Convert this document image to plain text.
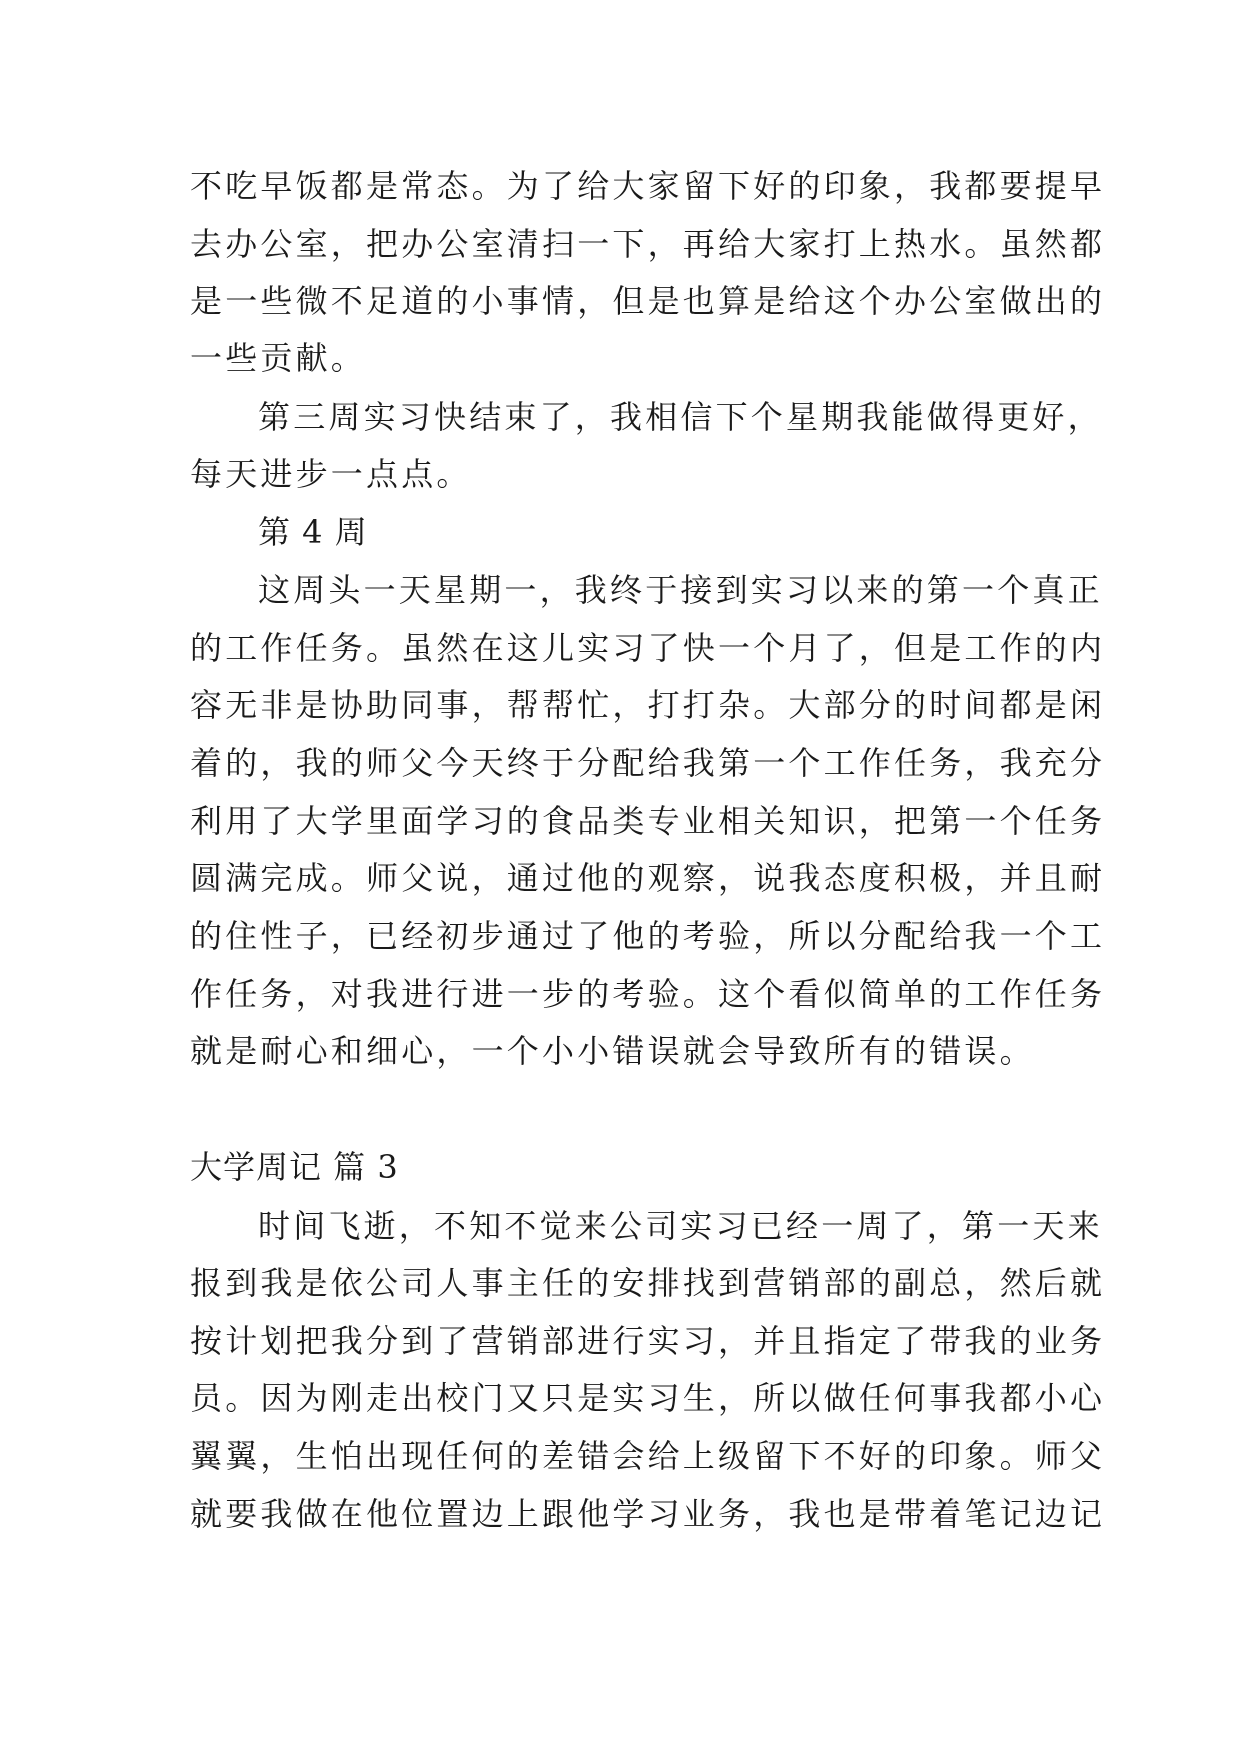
不吃早饭都是常态。为了给大家留下好的印象，我都要提早
去办公室，把办公室清扫一下，再给大家打上热水。虽然都
是一些微不足道的小事情，但是也算是给这个办公室做出的
一些贡献。
第三周实习快结束了，我相信下个星期我能做得更好，
每天进步一点点。
第 4 周
这周头一天星期一，我终于接到实习以来的第一个真正
的工作任务。虽然在这儿实习了快一个月了，但是工作的内
容无非是协助同事，帮帮忙，打打杂。大部分的时间都是闲
着的，我的师父今天终于分配给我第一个工作任务，我充分
利用了大学里面学习的食品类专业相关知识，把第一个任务
圆满完成。师父说，通过他的观察，说我态度积极，并且耐
的住性子，已经初步通过了他的考验，所以分配给我一个工
作任务，对我进行进一步的考验。这个看似简单的工作任务
就是耐心和细心，一个小小错误就会导致所有的错误。
大学周记 篇 3
时间飞逝，不知不觉来公司实习已经一周了，第一天来
报到我是依公司人事主任的安排找到营销部的副总，然后就
按计划把我分到了营销部进行实习，并且指定了带我的业务
员。因为刚走出校门又只是实习生，所以做任何事我都小心
翼翼，生怕出现任何的差错会给上级留下不好的印象。师父
就要我做在他位置边上跟他学习业务，我也是带着笔记边记
